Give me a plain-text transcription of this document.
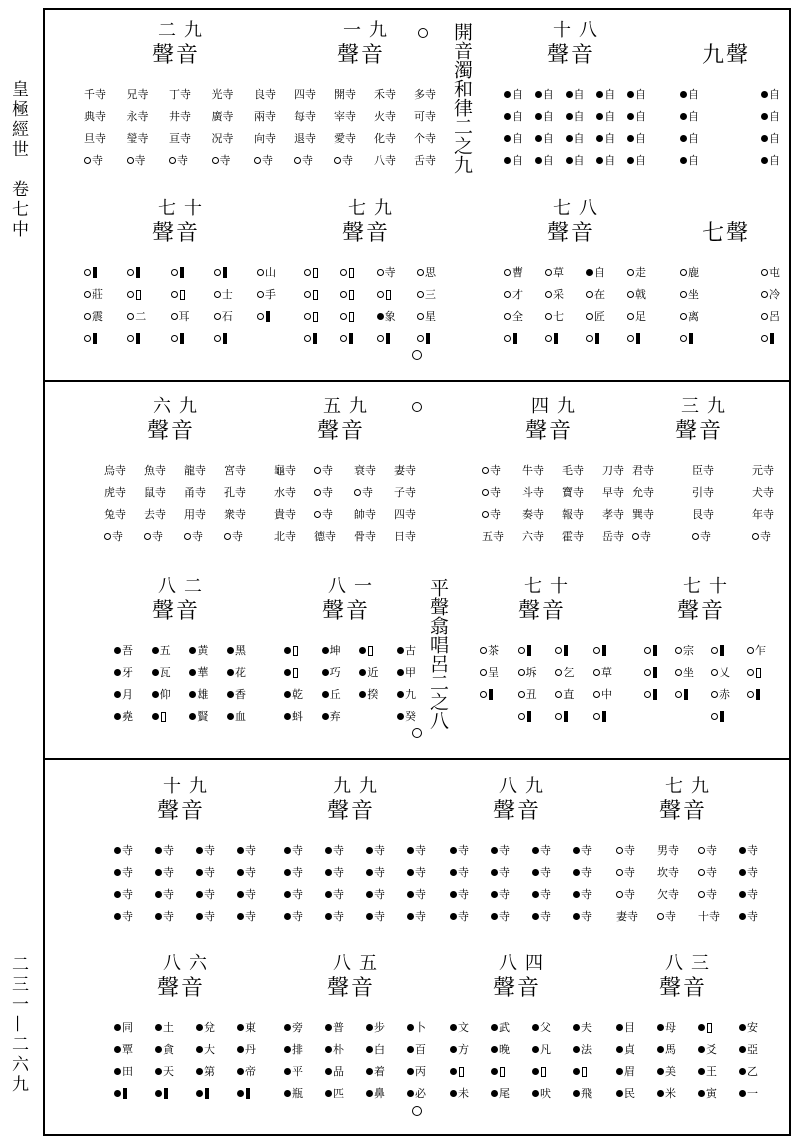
皇極經世　卷七中
二三一—二六九
開音濁和律二之九
平聲翕唱呂二之八
九聲
自
自
自
自
自
自
自
自
八
十
聲音
自
自
自
自
自
自
自
自
自
自
自
自
自
自
自
自
自
自
自
自
九
一
聲音
多 寺
可 寺
个 寺
舌 寺
禾 寺
火 寺
化 寺
八 寺
開 寺
宰 寺
愛 寺
寺
四 寺
每 寺
退 寺
寺
九
二
聲音
良 寺
兩 寺
向 寺
寺
光 寺
廣 寺
况 寺
寺
丁 寺
井 寺
亘 寺
寺
兄 寺
永 寺
瑩 寺
寺
千 寺
典 寺
旦 寺
寺
七聲
屯
冷
呂
鹿
坐
离
八
七
聲音
走
戟
足
自
在
匠
草
采
七
曹
才
全
九
七
聲音
思
三
星
寺
象
十
七
聲音
山
手
士
石
耳
二
莊
震
九
三
聲音
元 寺
犬 寺
年 寺
寺
臣 寺
引 寺
艮 寺
寺
君 寺
允 寺
巽 寺
寺
九
四
聲音
刀 寺
早 寺
孝 寺
岳 寺
毛 寺
寶 寺
報 寺
霍 寺
牛 寺
斗 寺
奏 寺
六 寺
寺
寺
寺
五 寺
九
五
聲音
妻 寺
子 寺
四 寺
日 寺
衰 寺
寺
帥 寺
骨 寺
寺
寺
寺
德 寺
龜 寺
水 寺
貴 寺
北 寺
九
六
聲音
宮 寺
孔 寺
衆 寺
寺
龍 寺
甬 寺
用 寺
寺
魚 寺
鼠 寺
去 寺
寺
烏 寺
虎 寺
兔 寺
寺
十
七
聲音
乍
乂
赤
宗
坐
十
七
聲音
草
中
乞
直
坼
丑
茶
呈
一
八
聲音
古
甲
九
癸
近
揆
坤
巧
丘
弃
乾
蚪
二
八
聲音
黑
花
香
血
黄
華
雄
賢
五
瓦
仰
吾
牙
月
堯
九
七
聲音
寺
寺
寺
寺
寺
寺
寺
十 寺
男 寺
坎 寺
欠 寺
寺
寺
寺
寺
妻 寺
九
八
聲音
寺
寺
寺
寺
寺
寺
寺
寺
寺
寺
寺
寺
寺
寺
寺
寺
九
九
聲音
寺
寺
寺
寺
寺
寺
寺
寺
寺
寺
寺
寺
寺
寺
寺
寺
九
十
聲音
寺
寺
寺
寺
寺
寺
寺
寺
寺
寺
寺
寺
寺
寺
寺
寺
三
八
聲音
安
亞
乙
一
爻
王
寅
母
馬
美
米
目
貞
眉
民
四
八
聲音
夫
法
飛
父
凡
吠
武
晚
尾
文
方
未
五
八
聲音
卜
百
丙
必
步
白
着
鼻
普
朴
品
匹
旁
排
平
瓶
六
八
聲音
東
丹
帝
兌
大
第
土
貪
天
同
覃
田
